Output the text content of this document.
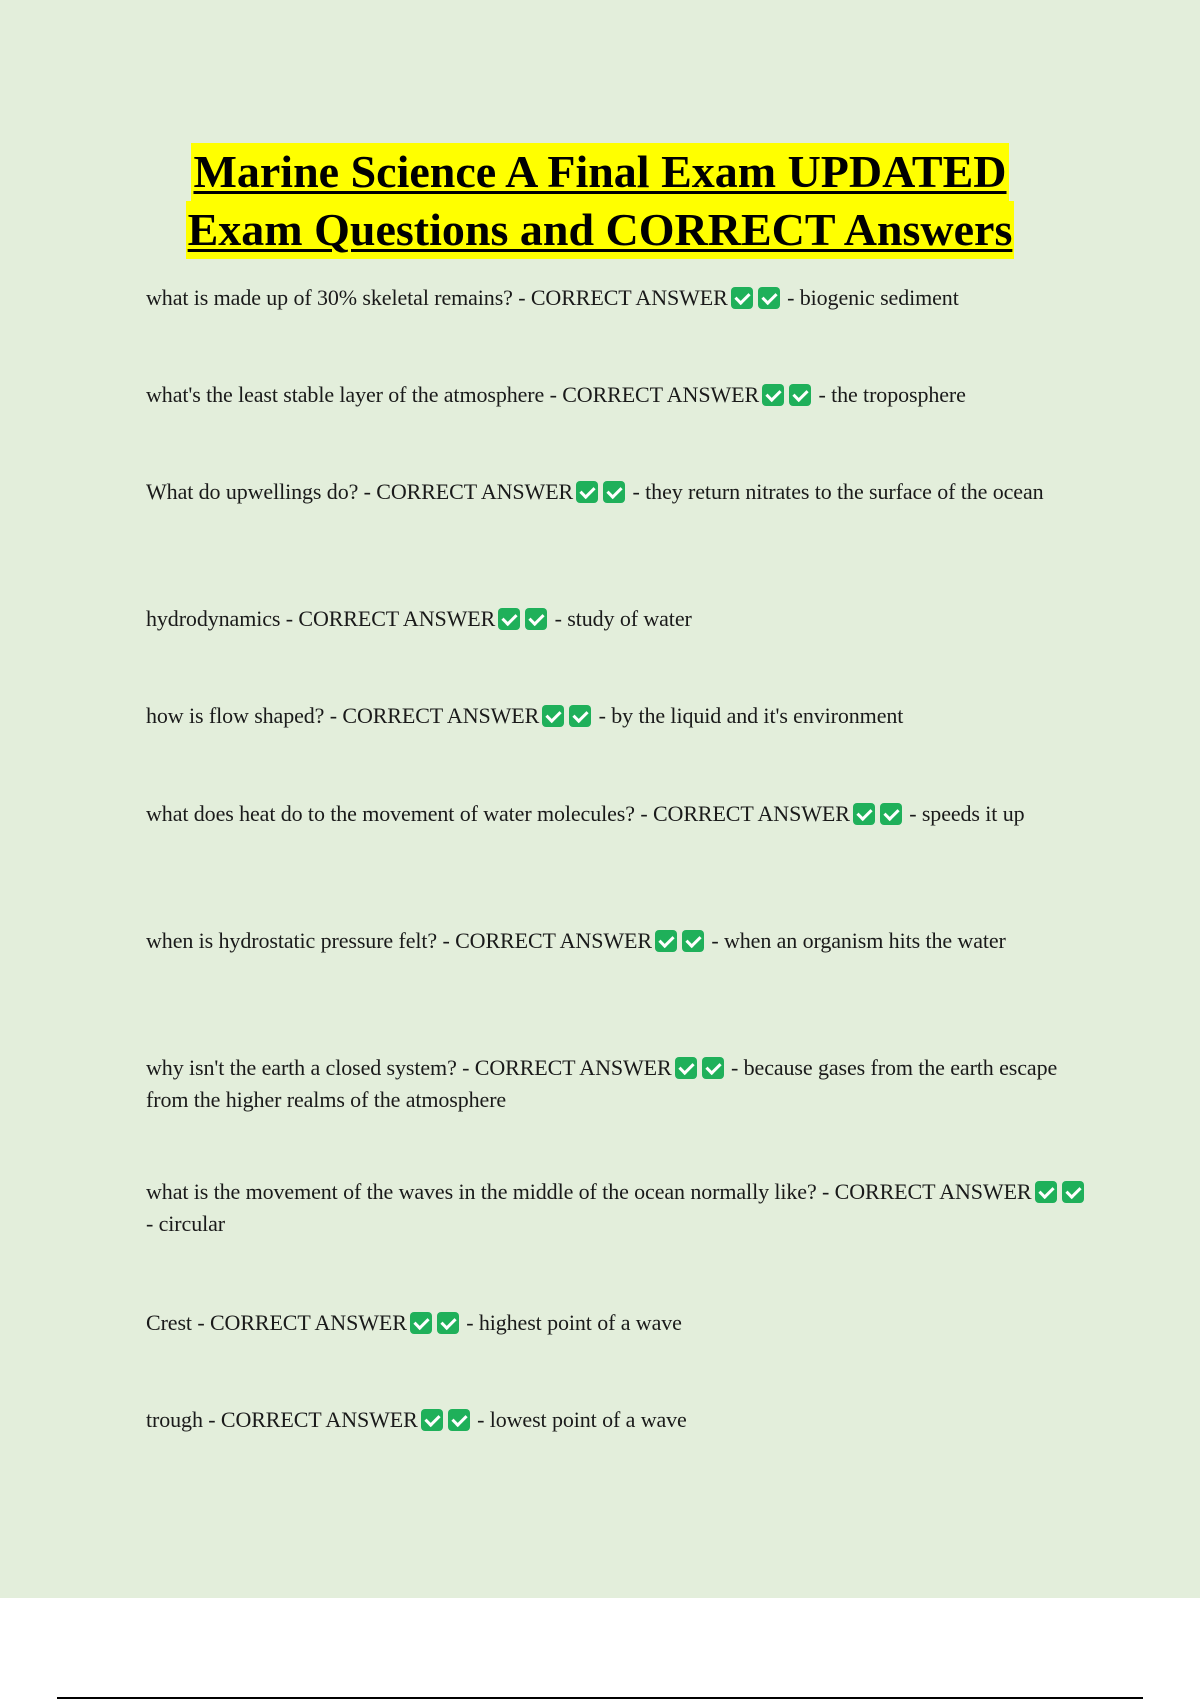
Marine Science A Final Exam UPDATED
Exam Questions and CORRECT Answers
what is made up of 30% skeletal remains? - CORRECT ANSWER	- biogenic sediment
what's the least stable layer of the atmosphere - CORRECT ANSWER	- the troposphere
What do upwellings do? - CORRECT ANSWER	- they return nitrates to the surface of the ocean
hydrodynamics - CORRECT ANSWER	- study of water
how is flow shaped? - CORRECT ANSWER	- by the liquid and it's environment
what does heat do to the movement of water molecules? - CORRECT ANSWER	- speeds it up
when is hydrostatic pressure felt? - CORRECT ANSWER	- when an organism hits the water
why isn't the earth a closed system? - CORRECT ANSWER	- because gases from the earth escape from the higher realms of the atmosphere
what is the movement of the waves in the middle of the ocean normally like? - CORRECT ANSWER - circular
Crest - CORRECT ANSWER	- highest point of a wave
trough - CORRECT ANSWER	- lowest point of a wave
